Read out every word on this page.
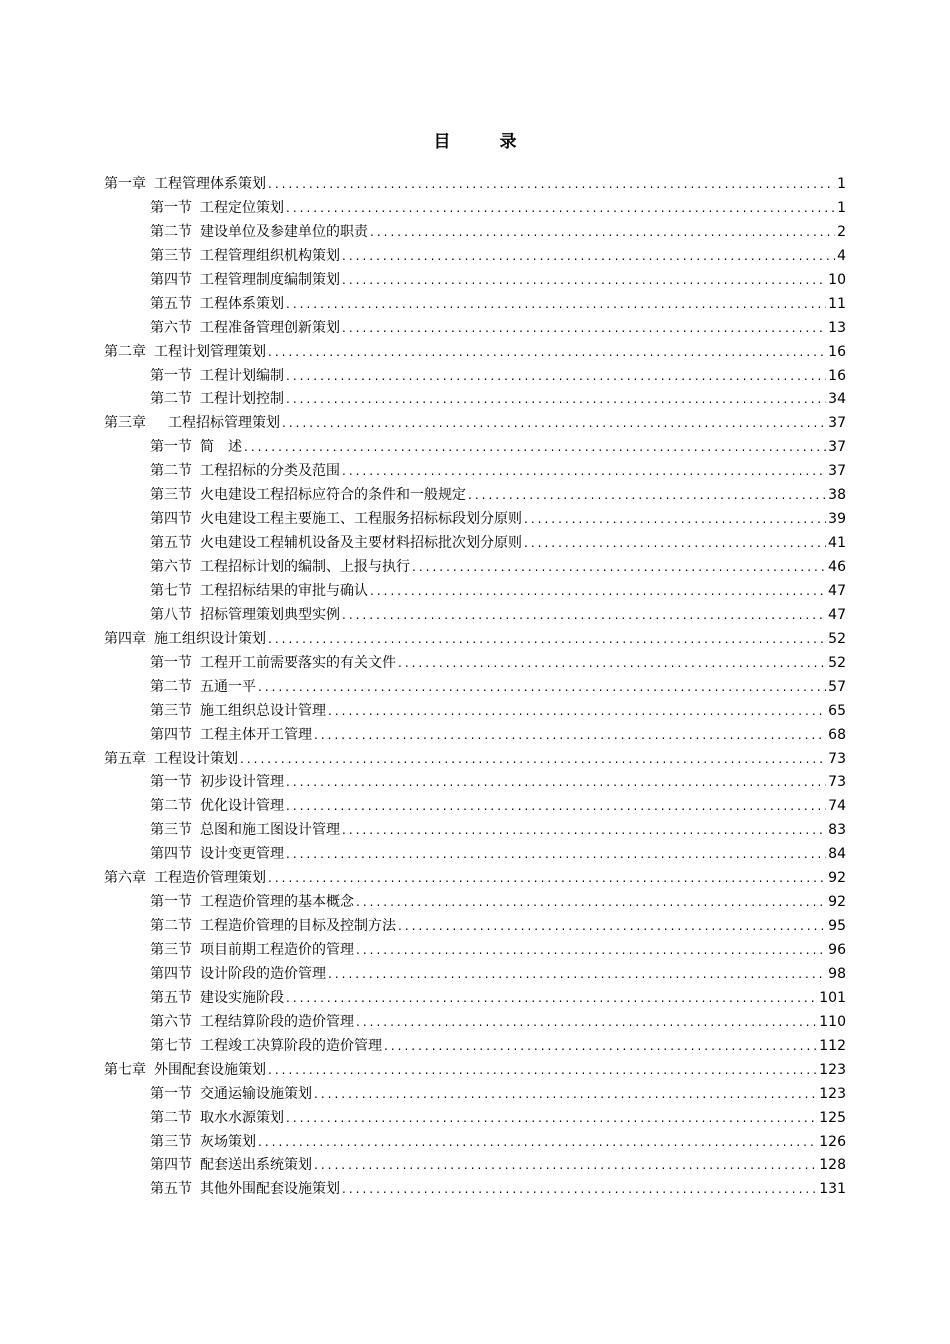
目　录
第一章 工程管理体系策划 .....	1
第一节 工程定位策划 .....	1
第二节 建设单位及参建单位的职责 .....	2
第三节 工程管理组织机构策划 .....	4
第四节 工程管理制度编制策划 .....	10
第五节 工程体系策划 .....	11
第六节 工程准备管理创新策划 .....	13
第二章 工程计划管理策划 .....	16
第一节 工程计划编制 .....	16
第二节 工程计划控制 .....	34
第三章　工程招标管理策划 .....	37
第一节 简　述 .....	37
第二节 工程招标的分类及范围 .....	37
第三节 火电建设工程招标应符合的条件和一般规定 .....	38
第四节 火电建设工程主要施工、工程服务招标标段划分原则 .....	39
第五节 火电建设工程辅机设备及主要材料招标批次划分原则 .....	41
第六节 工程招标计划的编制、上报与执行 .....	46
第七节 工程招标结果的审批与确认 .....	47
第八节 招标管理策划典型实例 .....	47
第四章 施工组织设计策划 .....	52
第一节 工程开工前需要落实的有关文件 .....	52
第二节 五通一平 .....	57
第三节 施工组织总设计管理 .....	65
第四节 工程主体开工管理 .....	68
第五章 工程设计策划 .....	73
第一节 初步设计管理 .....	73
第二节 优化设计管理 .....	74
第三节 总图和施工图设计管理 .....	83
第四节 设计变更管理 .....	84
第六章 工程造价管理策划 .....	92
第一节 工程造价管理的基本概念 .....	92
第二节 工程造价管理的目标及控制方法 .....	95
第三节 项目前期工程造价的管理 .....	96
第四节 设计阶段的造价管理 .....	98
第五节 建设实施阶段 .....	101
第六节 工程结算阶段的造价管理 .....	110
第七节 工程竣工决算阶段的造价管理 .....	112
第七章 外围配套设施策划 .....	123
第一节 交通运输设施策划 .....	123
第二节 取水水源策划 .....	125
第三节 灰场策划 .....	126
第四节 配套送出系统策划 .....	128
第五节 其他外围配套设施策划 .....	131
